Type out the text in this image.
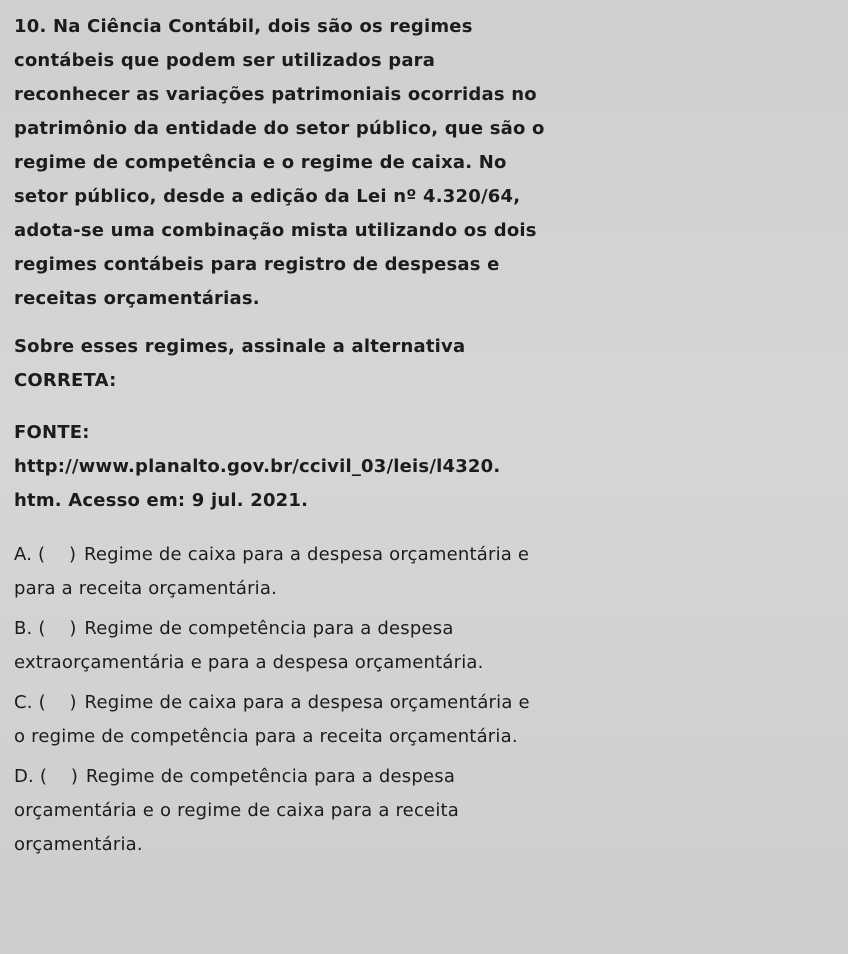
10. Na Ciência Contábil, dois são os regimes
contábeis que podem ser utilizados para
reconhecer as variações patrimoniais ocorridas no
patrimônio da entidade do setor público, que são o
regime de competência e o regime de caixa. No
setor público, desde a edição da Lei nº 4.320/64,
adota-se uma combinação mista utilizando os dois
regimes contábeis para registro de despesas e
receitas orçamentárias.
Sobre esses regimes, assinale a alternativa
CORRETA:
FONTE:
http://www.planalto.gov.br/ccivil_03/leis/l4320.
htm. Acesso em: 9 jul. 2021.
A. (    ) Regime de caixa para a despesa orçamentária e
para a receita orçamentária.
B. (    ) Regime de competência para a despesa
extraorçamentária e para a despesa orçamentária.
C. (    ) Regime de caixa para a despesa orçamentária e
o regime de competência para a receita orçamentária.
D. (    ) Regime de competência para a despesa
orçamentária e o regime de caixa para a receita
orçamentária.
